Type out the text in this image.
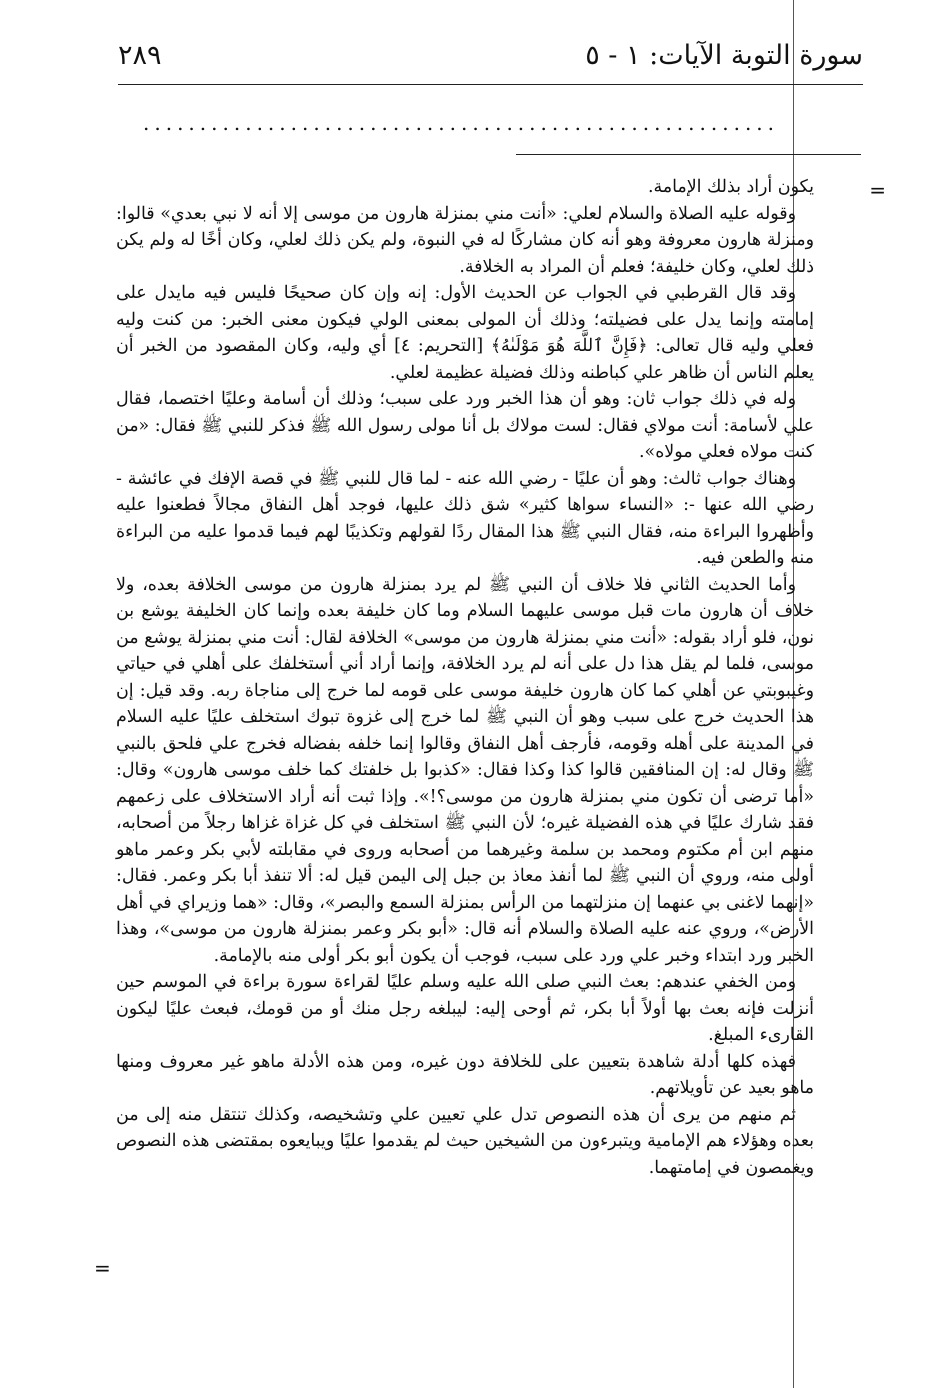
سورة التوبة الآيات: ١ - ٥
٢٨٩
........................................................
=
=

يكون أراد بذلك الإمامة.

وقوله عليه الصلاة والسلام لعلي: «أنت مني بمنزلة هارون من موسى إلا أنه لا نبي بعدي» قالوا: ومنزلة هارون معروفة وهو أنه كان مشاركًا له في النبوة، ولم يكن ذلك لعلي، وكان أخًا له ولم يكن ذلك لعلي، وكان خليفة؛ فعلم أن المراد به الخلافة.

وقد قال القرطبي في الجواب عن الحديث الأول: إنه وإن كان صحيحًا فليس فيه مايدل على إمامته وإنما يدل على فضيلته؛ وذلك أن المولى بمعنى الولي فيكون معنى الخبر: من كنت وليه فعلي وليه قال تعالى: ﴿فَإِنَّ ٱللَّهَ هُوَ مَوْلَىٰهُ﴾ [التحريم: ٤] أي وليه، وكان المقصود من الخبر أن يعلم الناس أن ظاهر علي كباطنه وذلك فضيلة عظيمة لعلي.

وله في ذلك جواب ثان: وهو أن هذا الخبر ورد على سبب؛ وذلك أن أسامة وعليًا اختصما، فقال علي لأسامة: أنت مولاي فقال: لست مولاك بل أنا مولى رسول الله ﷺ فذكر للنبي ﷺ فقال: «من كنت مولاه فعلي مولاه».

وهناك جواب ثالث: وهو أن عليًا - رضي الله عنه - لما قال للنبي ﷺ في قصة الإفك في عائشة - رضي الله عنها -: «النساء سواها كثير» شق ذلك عليها، فوجد أهل النفاق مجالاً فطعنوا عليه وأظهروا البراءة منه، فقال النبي ﷺ هذا المقال ردًا لقولهم وتكذيبًا لهم فيما قدموا عليه من البراءة منه والطعن فيه.

وأما الحديث الثاني فلا خلاف أن النبي ﷺ لم يرد بمنزلة هارون من موسى الخلافة بعده، ولا خلاف أن هارون مات قبل موسى عليهما السلام وما كان خليفة بعده وإنما كان الخليفة يوشع بن نون، فلو أراد بقوله: «أنت مني بمنزلة هارون من موسى» الخلافة لقال: أنت مني بمنزلة يوشع من موسى، فلما لم يقل هذا دل على أنه لم يرد الخلافة، وإنما أراد أني أستخلفك على أهلي في حياتي وغيبوبتي عن أهلي كما كان هارون خليفة موسى على قومه لما خرج إلى مناجاة ربه. وقد قيل: إن هذا الحديث خرج على سبب وهو أن النبي ﷺ لما خرج إلى غزوة تبوك استخلف عليًا عليه السلام في المدينة على أهله وقومه، فأرجف أهل النفاق وقالوا إنما خلفه بفضاله فخرج علي فلحق بالنبي ﷺ وقال له: إن المنافقين قالوا كذا وكذا فقال: «كذبوا بل خلفتك كما خلف موسى هارون» وقال: «أما ترضى أن تكون مني بمنزلة هارون من موسى؟!». وإذا ثبت أنه أراد الاستخلاف على زعمهم فقد شارك عليًا في هذه الفضيلة غيره؛ لأن النبي ﷺ استخلف في كل غزاة غزاها رجلاً من أصحابه، منهم ابن أم مكتوم ومحمد بن سلمة وغيرهما من أصحابه وروى في مقابلته لأبي بكر وعمر ماهو أولى منه، وروي أن النبي ﷺ لما أنفذ معاذ بن جبل إلى اليمن قيل له: ألا تنفذ أبا بكر وعمر. فقال: «إنهما لاغنى بي عنهما إن منزلتهما من الرأس بمنزلة السمع والبصر»، وقال: «هما وزيراي في أهل الأرض»، وروي عنه عليه الصلاة والسلام أنه قال: «أبو بكر وعمر بمنزلة هارون من موسى»، وهذا الخبر ورد ابتداء وخبر علي ورد على سبب، فوجب أن يكون أبو بكر أولى منه بالإمامة.

ومن الخفي عندهم: بعث النبي صلى الله عليه وسلم عليًا لقراءة سورة براءة في الموسم حين أنزلت فإنه بعث بها أولاً أبا بكر، ثم أوحى إليه: ليبلغه رجل منك أو من قومك، فبعث عليًا ليكون القارىء المبلغ.

فهذه كلها أدلة شاهدة بتعيين على للخلافة دون غيره، ومن هذه الأدلة ماهو غير معروف ومنها ماهو بعيد عن تأويلاتهم.

ثم منهم من يرى أن هذه النصوص تدل علي تعيين علي وتشخيصه، وكذلك تنتقل منه إلى من بعده وهؤلاء هم الإمامية ويتبرءون من الشيخين حيث لم يقدموا عليًا ويبايعوه بمقتضى هذه النصوص ويغمصون في إمامتهما.
